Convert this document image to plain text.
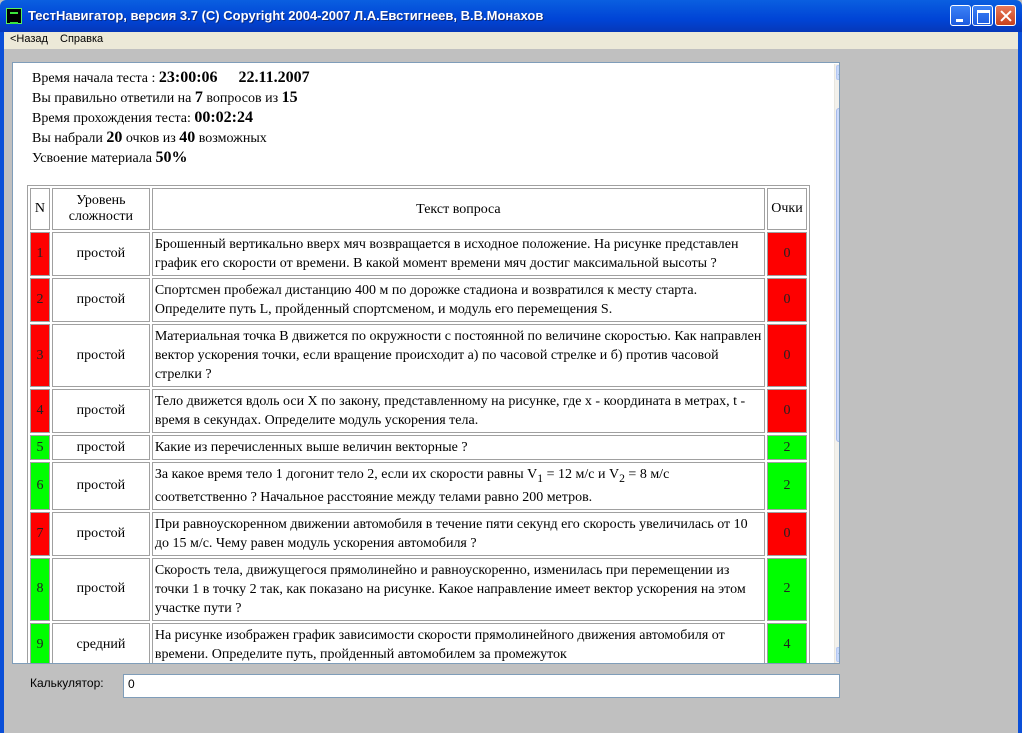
ТестНавигатор, версия 3.7 (C) Copyright 2004-2007 Л.А.Евстигнеев, В.В.Монахов
<Назад Справка
Время начала теста : 23:00:06 22.11.2007
Вы правильно ответили на 7 вопросов из 15
Время прохождения теста: 00:02:24
Вы набрали 20 очков из 40 возможных
Усвоение материала 50%
N	Уровень сложности	Текст вопроса	Очки
1	простой	Брошенный вертикально вверх мяч возвращается в исходное положение. На рисунке представлен график его скорости от времени. В какой момент времени мяч достиг максимальной высоты ?	0
2	простой	Спортсмен пробежал дистанцию 400 м по дорожке стадиона и возвратился к месту старта. Определите путь L, пройденный спортсменом, и модуль его перемещения S.	0
3	простой	Материальная точка В движется по окружности с постоянной по величине скоростью. Как направлен вектор ускорения точки, если вращение происходит а) по часовой стрелке и б) против часовой стрелки ?	0
4	простой	Тело движется вдоль оси Х по закону, представленному на рисунке, где х - координата в метрах, t - время в секундах. Определите модуль ускорения тела.	0
5	простой	Какие из перечисленных выше величин векторные ?	2
6	простой	За какое время тело 1 догонит тело 2, если их скорости равны $V_1 = 12$ м/с и $V_2 = 8$ м/с соответственно ? Начальное расстояние между телами равно 200 метров.	2
7	простой	При равноускоренном движении автомобиля в течение пяти секунд его скорость увеличилась от 10 до 15 м/с. Чему равен модуль ускорения автомобиля ?	0
8	простой	Скорость тела, движущегося прямолинейно и равноускоренно, изменилась при перемещении из точки 1 в точку 2 так, как показано на рисунке. Какое направление имеет вектор ускорения на этом участке пути ?	2
9	средний	На рисунке изображен график зависимости скорости прямолинейного движения автомобиля от времени. Определите путь, пройденный автомобилем за промежуток	4
Калькулятор:	0
